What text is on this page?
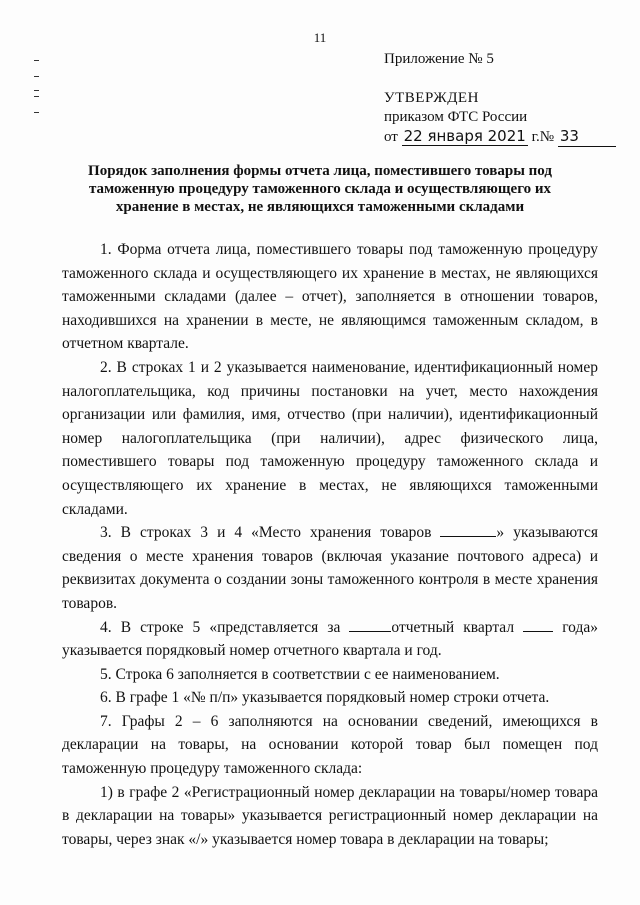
11
Приложение № 5
УТВЕРЖДЕН
приказом ФТС России
от 22 января 2021 г.№ 33
Порядок заполнения формы отчета лица, поместившего товары под таможенную процедуру таможенного склада и осуществляющего их хранение в местах, не являющихся таможенными складами

1. Форма отчета лица, поместившего товары под таможенную процедуру таможенного склада и осуществляющего их хранение в местах, не являющихся таможенными складами (далее – отчет), заполняется в отношении товаров, находившихся на хранении в месте, не являющимся таможенным складом, в отчетном квартале.

2. В строках 1 и 2 указывается наименование, идентификационный номер налогоплательщика, код причины постановки на учет, место нахождения организации или фамилия, имя, отчество (при наличии), идентификационный номер налогоплательщика (при наличии), адрес физического лица, поместившего товары под таможенную процедуру таможенного склада и осуществляющего их хранение в местах, не являющихся таможенными складами.

3. В строках 3 и 4 «Место хранения товаров	» указываются сведения о месте хранения товаров (включая указание почтового адреса) и реквизитах документа о создании зоны таможенного контроля в месте хранения товаров.

4. В строке 5 «представляется за	отчетный квартал  года» указывается порядковый номер отчетного квартала и год.

5. Строка 6 заполняется в соответствии с ее наименованием.

6. В графе 1 «№ п/п» указывается порядковый номер строки отчета.

7. Графы 2 – 6 заполняются на основании сведений, имеющихся в декларации на товары, на основании которой товар был помещен под таможенную процедуру таможенного склада:

1) в графе 2 «Регистрационный номер декларации на товары/номер товара в декларации на товары» указывается регистрационный номер декларации на товары, через знак «/» указывается номер товара в декларации на товары;
